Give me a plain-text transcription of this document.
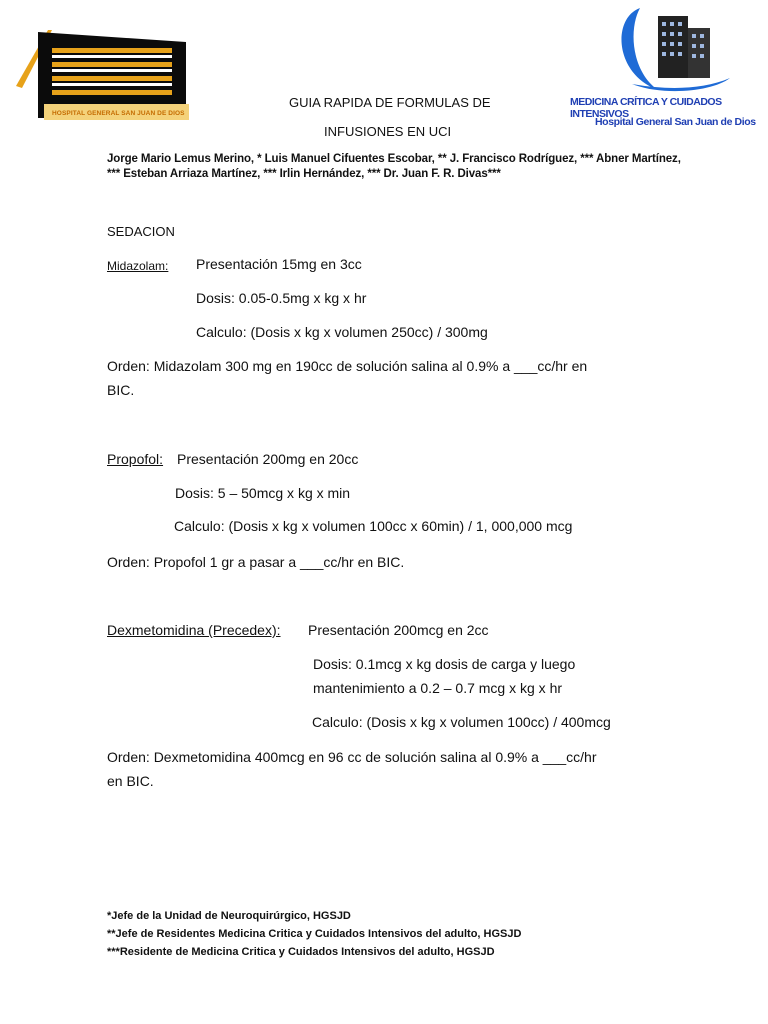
HOSPITAL GENERAL SAN JUAN DE DIOS
MEDICINA CRÍTICA Y CUIDADOS INTENSIVOS
Hospital General San Juan de Dios
GUIA RAPIDA DE FORMULAS DE
INFUSIONES EN UCI
Jorge Mario Lemus Merino, * Luis Manuel Cifuentes Escobar, ** J. Francisco Rodríguez, *** Abner Martínez,
*** Esteban Arriaza Martínez, *** Irlin Hernández, *** Dr. Juan F. R. Divas***
SEDACION
Midazolam: Presentación 15mg en 3cc
Dosis: 0.05-0.5mg x kg x hr
Calculo: (Dosis x kg x volumen 250cc) / 300mg
Orden: Midazolam 300 mg en 190cc de solución salina al 0.9% a ___cc/hr en
BIC.
Propofol: Presentación 200mg en 20cc
Dosis: 5 – 50mcg x kg x min
Calculo: (Dosis x kg x volumen 100cc x 60min) / 1, 000,000 mcg
Orden: Propofol 1 gr a pasar a ___cc/hr en BIC.
Dexmetomidina (Precedex): Presentación 200mcg en 2cc
Dosis: 0.1mcg x kg dosis de carga y luego
mantenimiento a 0.2 – 0.7 mcg x kg x hr
Calculo: (Dosis x kg x volumen 100cc) / 400mcg
Orden: Dexmetomidina 400mcg en 96 cc de solución salina al 0.9% a ___cc/hr
en BIC.
*Jefe de la Unidad de Neuroquirúrgico, HGSJD
**Jefe de Residentes Medicina Critica y Cuidados Intensivos del adulto, HGSJD
***Residente de Medicina Critica y Cuidados Intensivos del adulto, HGSJD
